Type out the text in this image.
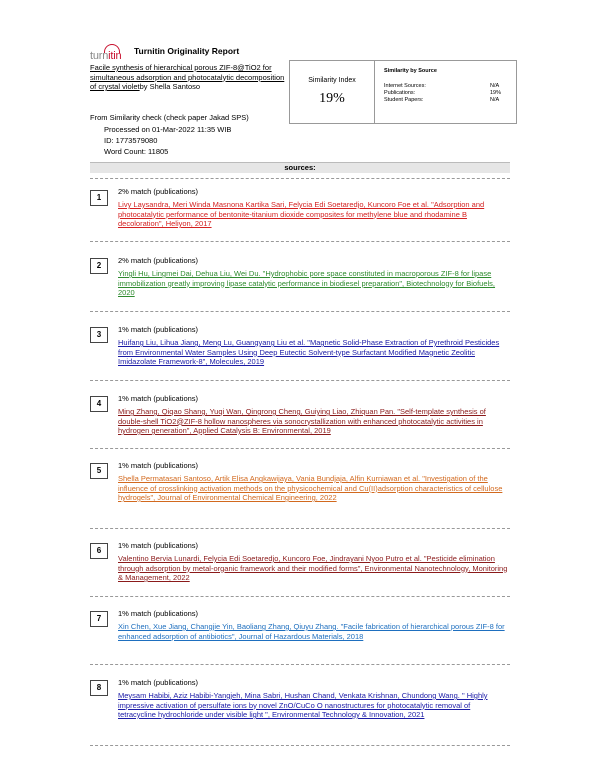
turnitin Turnitin Originality Report
Facile synthesis of hierarchical porous ZIF-8@TiO2 for simultaneous adsorption and photocatalytic decomposition of crystal violetby Shella Santoso
From Similarity check (check paper Jakad SPS)
Similarity Index
19%
Similarity by Source
Internet Sources:	N/A
Publications:	19%
Student Papers:	N/A
Processed on 01-Mar-2022 11:35 WIB
ID: 1773579080
Word Count: 11805
sources:
1
2% match (publications)
Livy Laysandra, Meri Winda Masnona Kartika Sari, Felycia Edi Soetaredjo, Kuncoro Foe et al. "Adsorption and photocatalytic performance of bentonite-titanium dioxide composites for methylene blue and rhodamine B decoloration", Heliyon, 2017
2
2% match (publications)
Yingli Hu, Lingmei Dai, Dehua Liu, Wei Du. "Hydrophobic pore space constituted in macroporous ZIF-8 for lipase immobilization greatly improving lipase catalytic performance in biodiesel preparation", Biotechnology for Biofuels, 2020
3
1% match (publications)
Huifang Liu, Lihua Jiang, Meng Lu, Guangyang Liu et al. "Magnetic Solid-Phase Extraction of Pyrethroid Pesticides from Environmental Water Samples Using Deep Eutectic Solvent-type Surfactant Modified Magnetic Zeolitic Imidazolate Framework-8", Molecules, 2019
4
1% match (publications)
Ming Zhang, Qiqao Shang, Yuqi Wan, Qingrong Cheng, Guiying Liao, Zhiquan Pan. "Self-template synthesis of double-shell TiO2@ZIF-8 hollow nanospheres via sonocrystallization with enhanced photocatalytic activities in hydrogen generation", Applied Catalysis B: Environmental, 2019
5
1% match (publications)
Shella Permatasari Santoso, Artik Elisa Angkawijaya, Vania Bundjaja, Alfin Kurniawan et al. "Investigation of the influence of crosslinking activation methods on the physicochemical and Cu(II)adsorption characteristics of cellulose hydrogels", Journal of Environmental Chemical Engineering, 2022
6
1% match (publications)
Valentino Bervia Lunardi, Felycia Edi Soetaredjo, Kuncoro Foe, Jindrayani Nyoo Putro et al. "Pesticide elimination through adsorption by metal-organic framework and their modified forms", Environmental Nanotechnology, Monitoring & Management, 2022
7
1% match (publications)
Xin Chen, Xue Jiang, Changjie Yin, Baoliang Zhang, Qiuyu Zhang. "Facile fabrication of hierarchical porous ZIF-8 for enhanced adsorption of antibiotics", Journal of Hazardous Materials, 2018
8
1% match (publications)
Meysam Habibi, Aziz Habibi-Yangjeh, Mina Sabri, Hushan Chand, Venkata Krishnan, Chundong Wang. " Highly impressive activation of persulfate ions by novel ZnO/CuCo O nanostructures for photocatalytic removal of tetracycline hydrochloride under visible light ", Environmental Technology & Innovation, 2021
